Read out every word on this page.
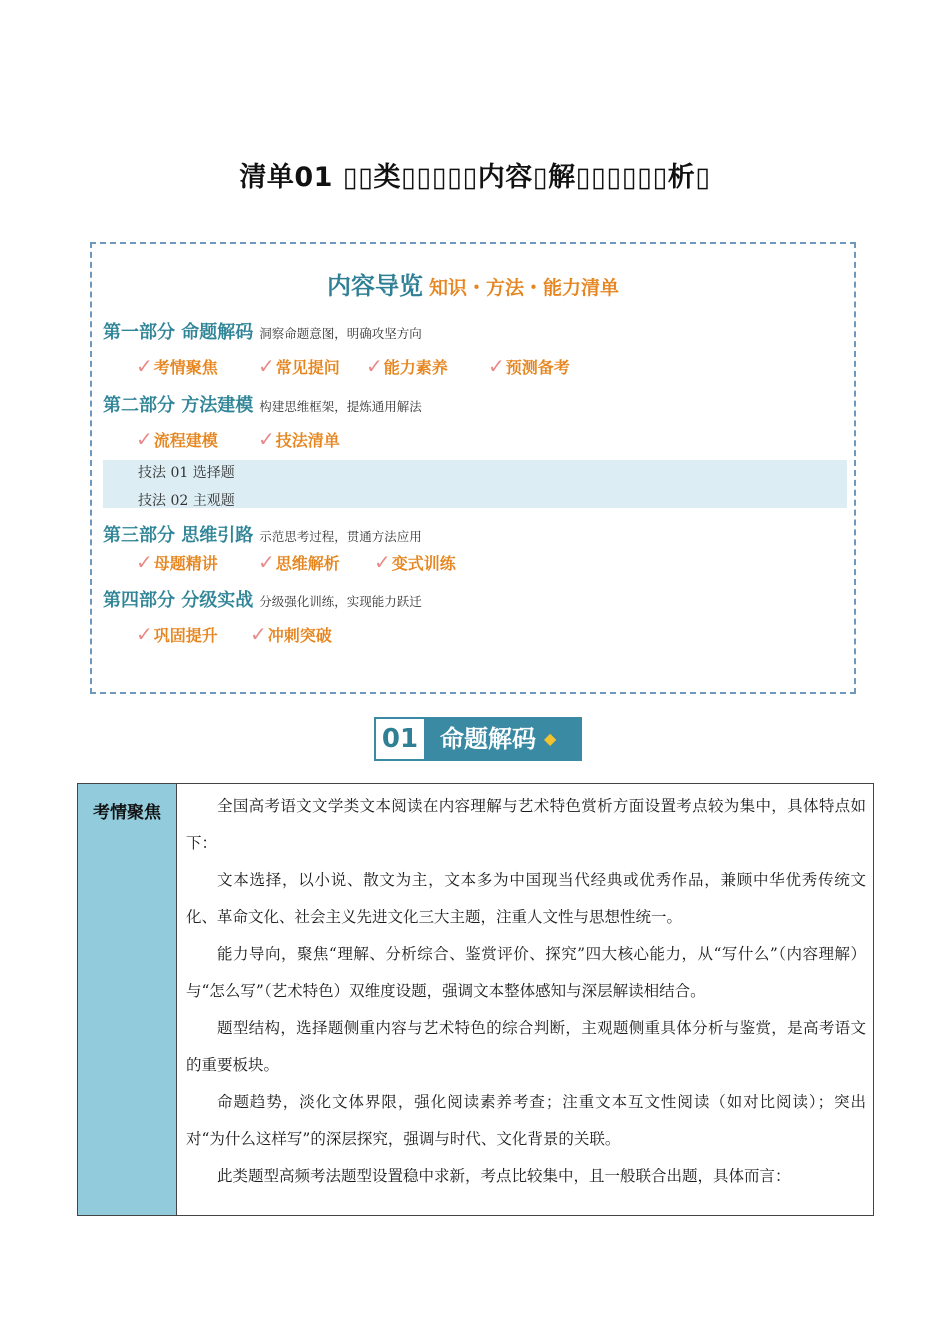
清单01 ▯▯类▯▯▯▯▯内容▯解▯▯▯▯▯▯析▯
内容导览 知识・方法・能力清单
第一部分 命题解码 洞察命题意图，明确攻坚方向
✓考情聚焦 ✓常见提问 ✓能力素养 ✓预测备考
第二部分 方法建模 构建思维框架，提炼通用解法
✓流程建模 ✓技法清单
技法 01 选择题
技法 02 主观题
第三部分 思维引路 示范思考过程，贯通方法应用
✓母题精讲 ✓思维解析 ✓变式训练
第四部分 分级实战 分级强化训练，实现能力跃迁
✓巩固提升 ✓冲刺突破
01 命题解码 ◆
考情聚焦	全国高考语文文学类文本阅读在内容理解与艺术特色赏析方面设置考点较为集中，具体特点如下：

文本选择，以小说、散文为主，文本多为中国现当代经典或优秀作品，兼顾中华优秀传统文化、革命文化、社会主义先进文化三大主题，注重人文性与思想性统一。

能力导向，聚焦“理解、分析综合、鉴赏评价、探究”四大核心能力，从“写什么”（内容理解）与“怎么写”（艺术特色）双维度设题，强调文本整体感知与深层解读相结合。

题型结构，选择题侧重内容与艺术特色的综合判断，主观题侧重具体分析与鉴赏，是高考语文的重要板块。

命题趋势，淡化文体界限，强化阅读素养考查；注重文本互文性阅读（如对比阅读）；突出对“为什么这样写”的深层探究，强调与时代、文化背景的关联。

此类题型高频考法题型设置稳中求新，考点比较集中，且一般联合出题，具体而言：
